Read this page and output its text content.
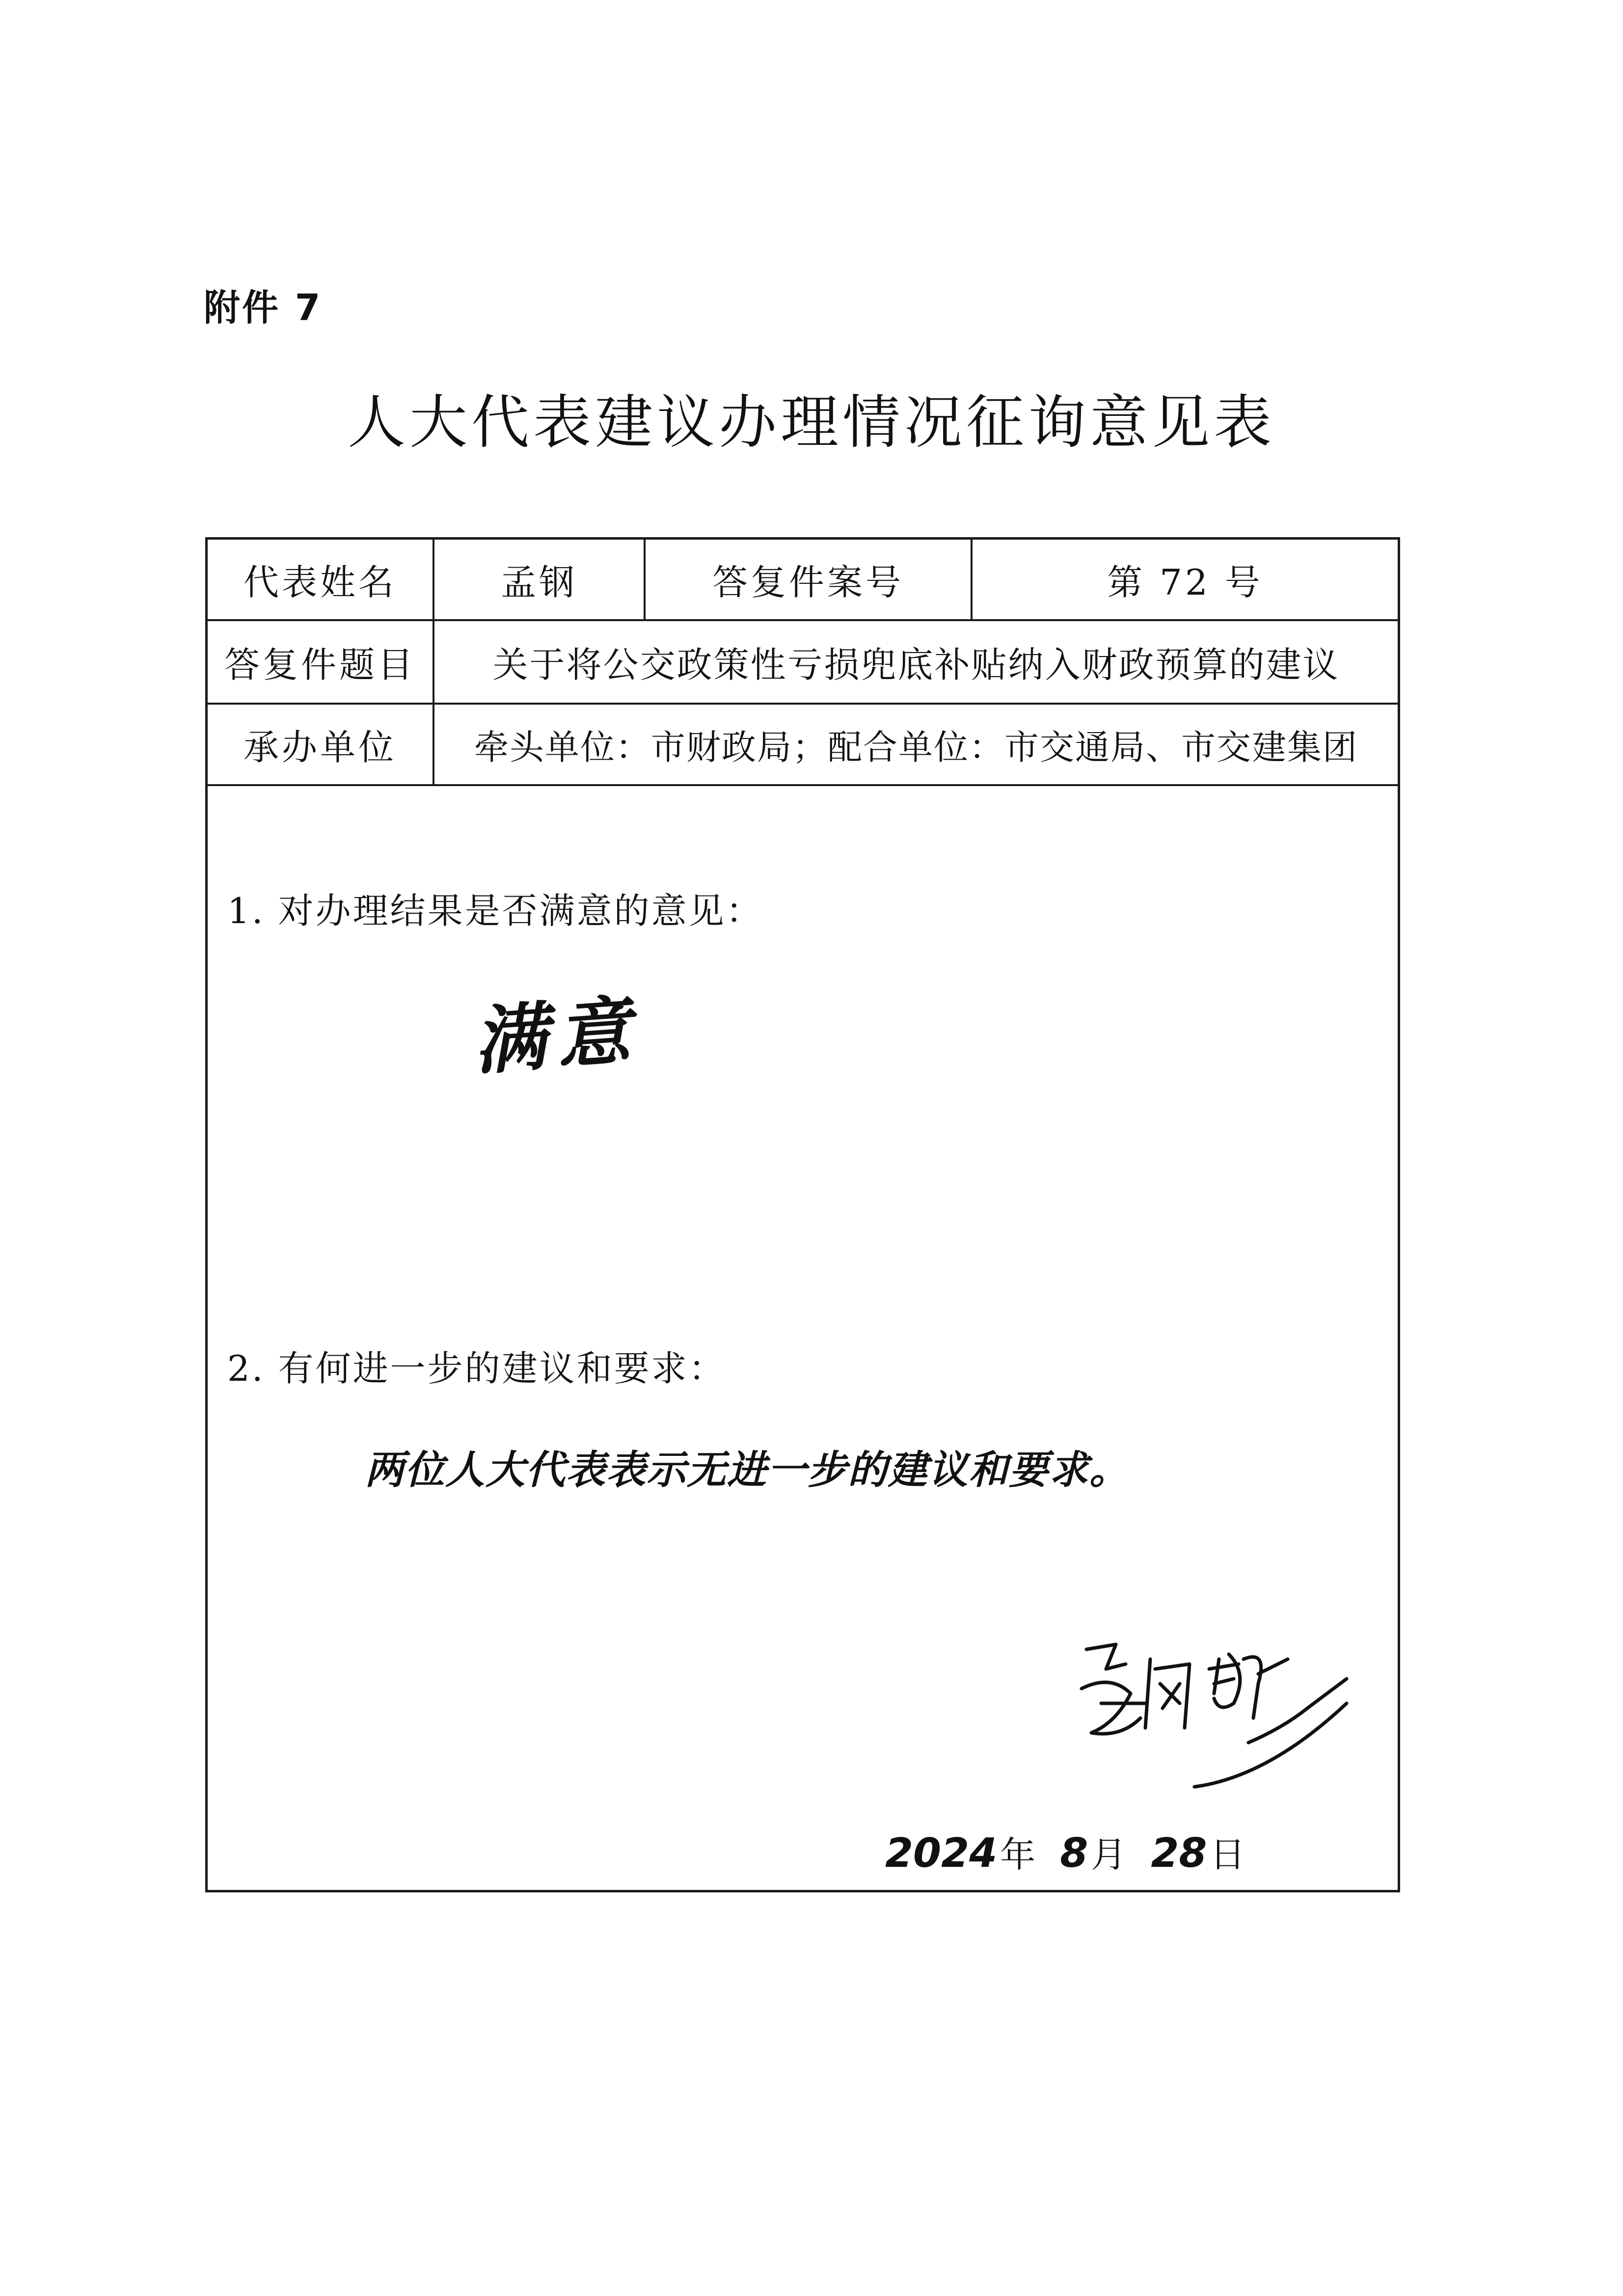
附件 7
人大代表建议办理情况征询意见表
代表姓名	孟钢	答复件案号	第 72 号
答复件题目	关于将公交政策性亏损兜底补贴纳入财政预算的建议
承办单位	牵头单位：市财政局；配合单位：市交通局、市交建集团
1. 对办理结果是否满意的意见：
满意
2. 有何进一步的建议和要求：
两位人大代表表示无进一步的建议和要求。
2024 年 8 月 28 日
